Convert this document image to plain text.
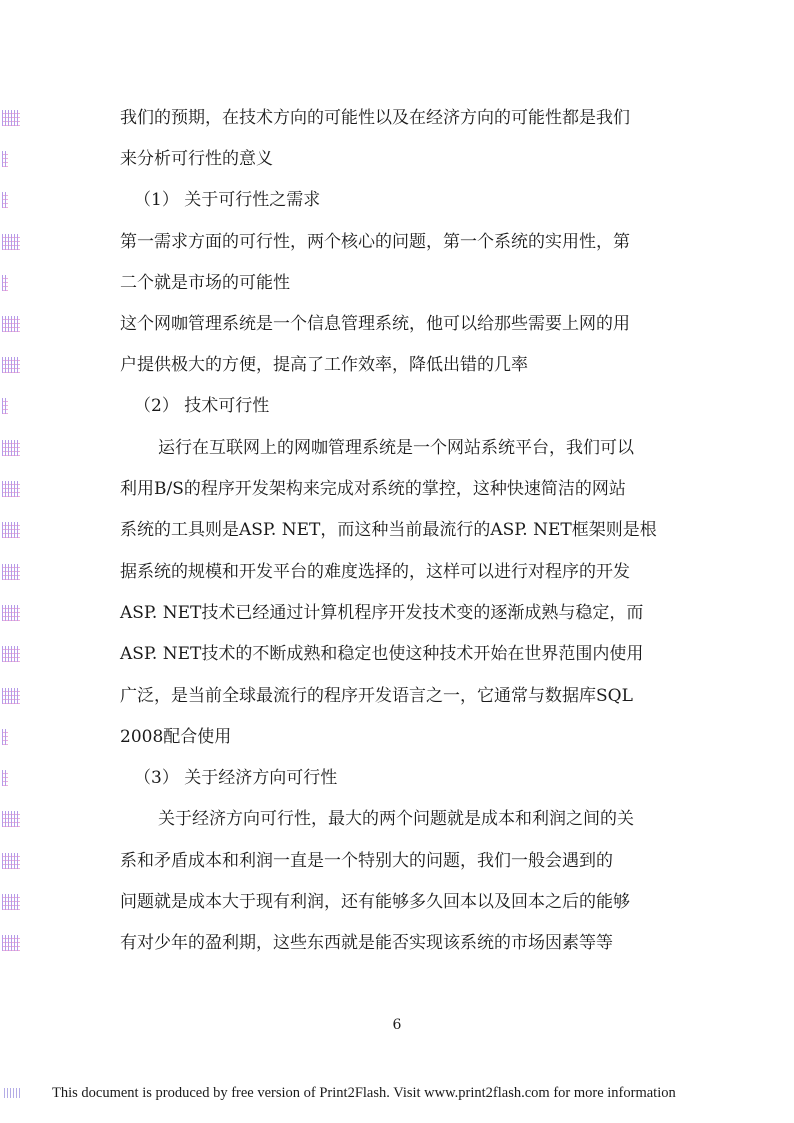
我们的预期，在技术方向的可能性以及在经济方向的可能性都是我们
来分析可行性的意义
（1） 关于可行性之需求
第一需求方面的可行性，两个核心的问题，第一个系统的实用性，第
二个就是市场的可能性
这个网咖管理系统是一个信息管理系统，他可以给那些需要上网的用
户提供极大的方便，提高了工作效率，降低出错的几率
（2） 技术可行性
运行在互联网上的网咖管理系统是一个网站系统平台，我们可以
利用B/S的程序开发架构来完成对系统的掌控，这种快速简洁的网站
系统的工具则是ASP. NET，而这种当前最流行的ASP. NET框架则是根
据系统的规模和开发平台的难度选择的，这样可以进行对程序的开发
ASP. NET技术已经通过计算机程序开发技术变的逐渐成熟与稳定，而
ASP. NET技术的不断成熟和稳定也使这种技术开始在世界范围内使用
广泛，是当前全球最流行的程序开发语言之一，它通常与数据库SQL
2008配合使用
（3） 关于经济方向可行性
关于经济方向可行性，最大的两个问题就是成本和利润之间的关
系和矛盾成本和利润一直是一个特别大的问题，我们一般会遇到的
问题就是成本大于现有利润，还有能够多久回本以及回本之后的能够
有对少年的盈利期，这些东西就是能否实现该系统的市场因素等等
6
This document is produced by free version of Print2Flash. Visit www.print2flash.com for more information
